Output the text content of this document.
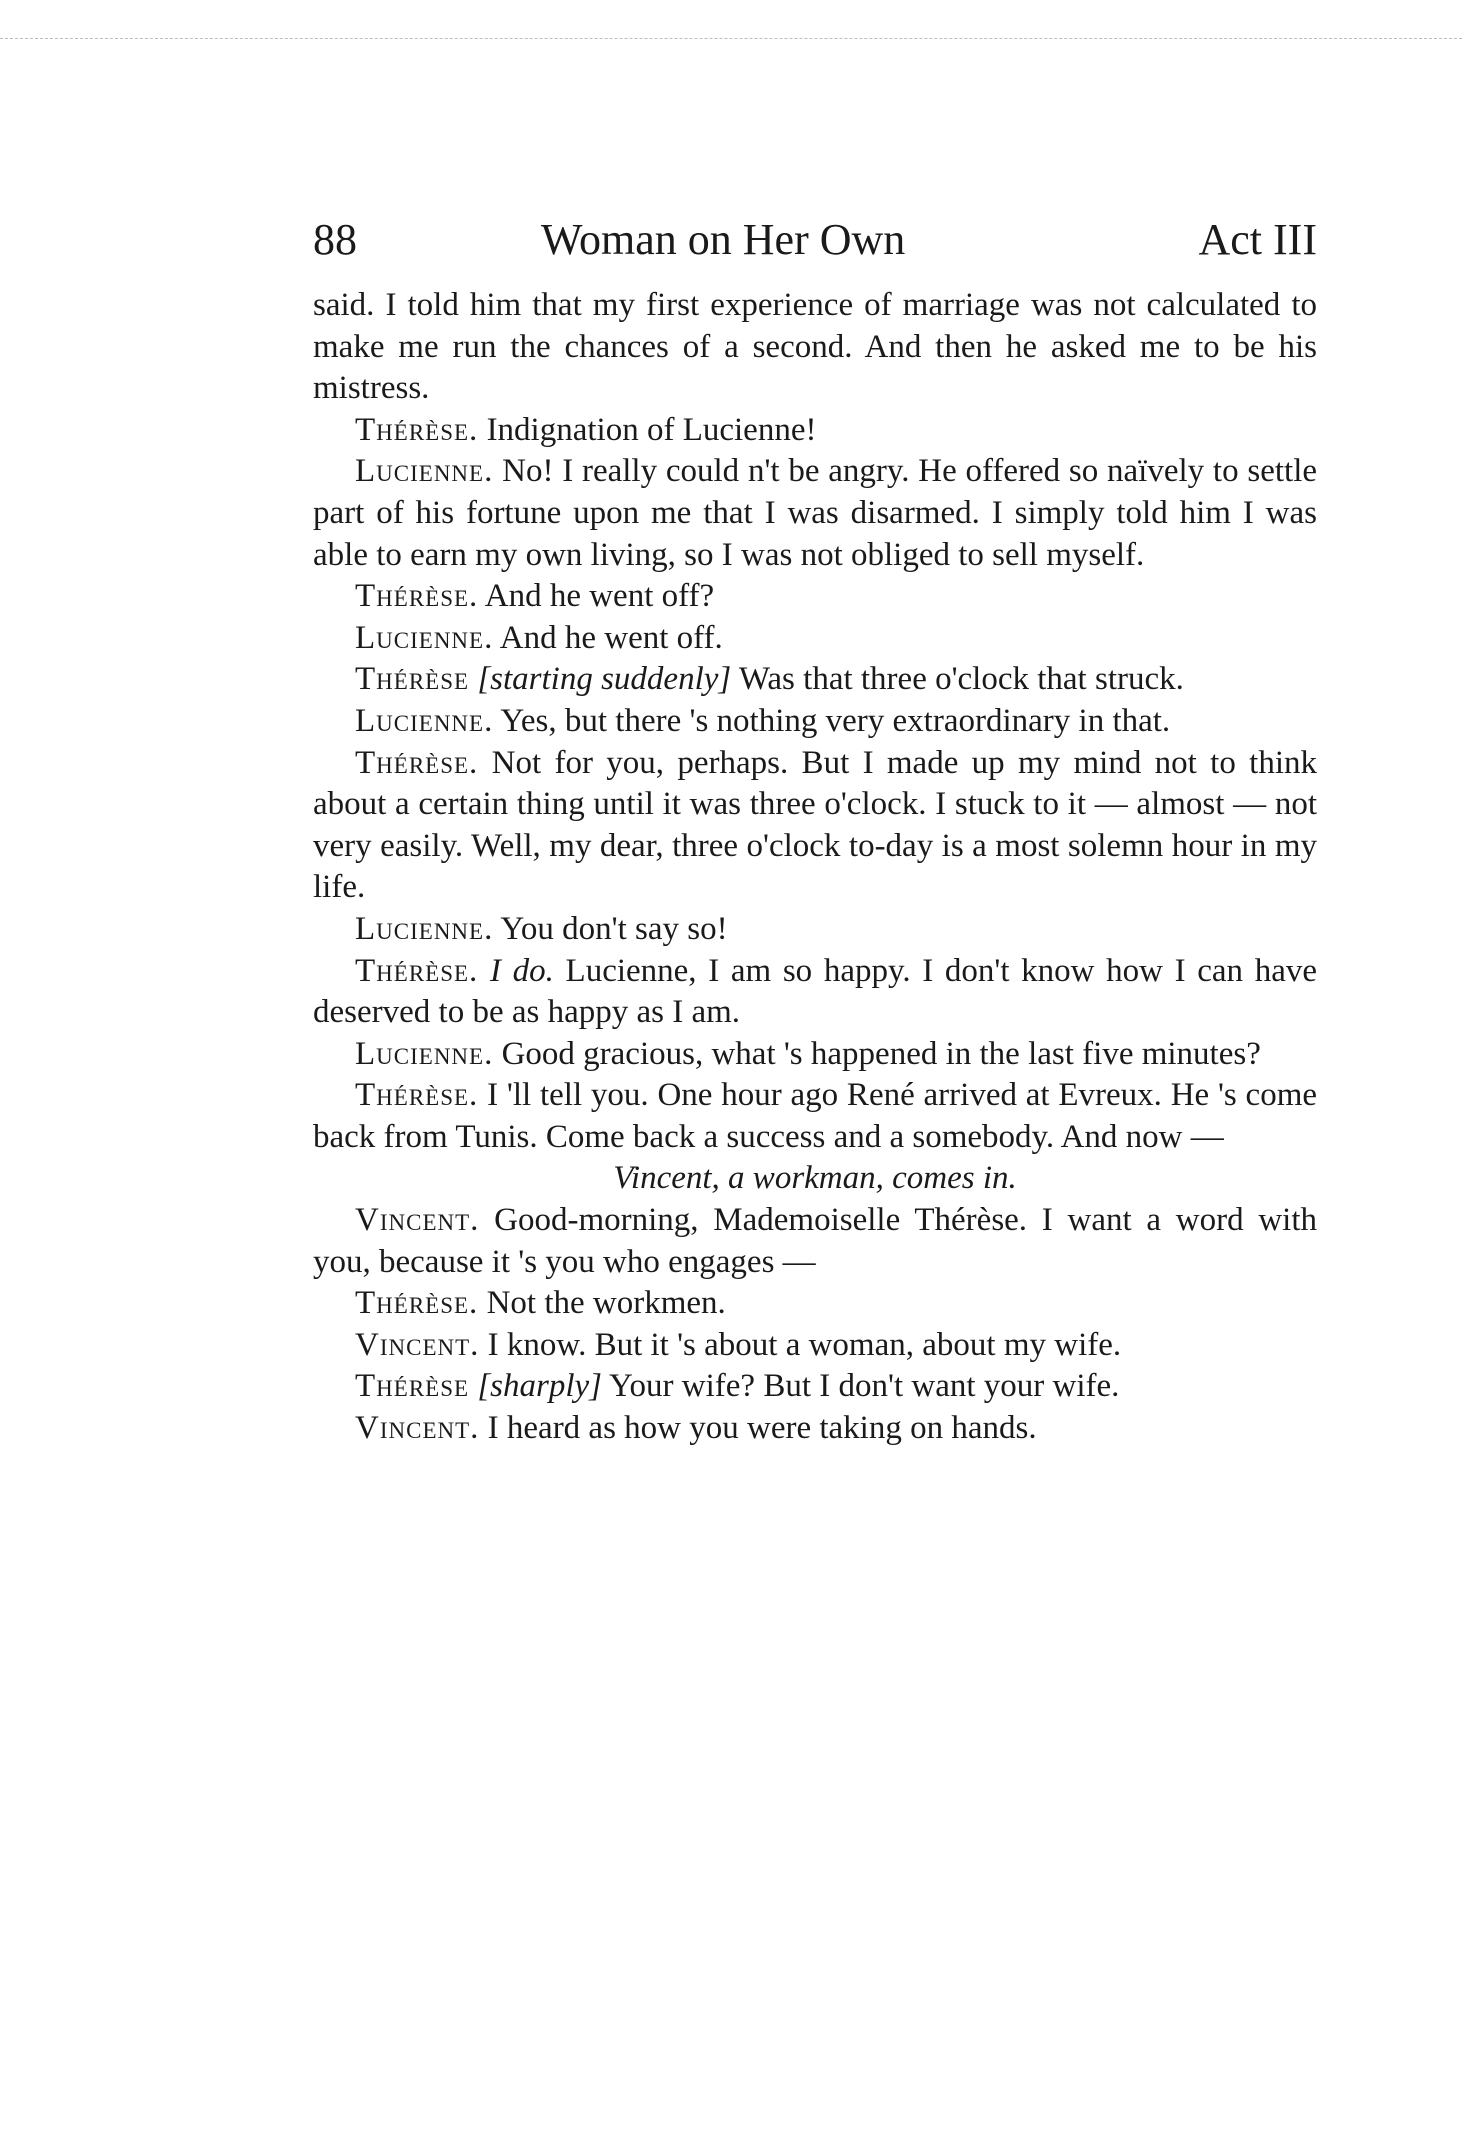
88	Woman on Her Own	Act III

said. I told him that my first experience of marriage was not calculated to make me run the chances of a second. And then he asked me to be his mistress.

Thérèse. Indignation of Lucienne!

Lucienne. No! I really could n't be angry. He offered so naïvely to settle part of his fortune upon me that I was disarmed. I simply told him I was able to earn my own living, so I was not obliged to sell myself.

Thérèse. And he went off?

Lucienne. And he went off.

Thérèse [starting suddenly] Was that three o'clock that struck.

Lucienne. Yes, but there 's nothing very extraordinary in that.

Thérèse. Not for you, perhaps. But I made up my mind not to think about a certain thing until it was three o'clock. I stuck to it — almost — not very easily. Well, my dear, three o'clock to-day is a most solemn hour in my life.

Lucienne. You don't say so!

Thérèse. I do. Lucienne, I am so happy. I don't know how I can have deserved to be as happy as I am.

Lucienne. Good gracious, what 's happened in the last five minutes?

Thérèse. I 'll tell you. One hour ago René arrived at Evreux. He 's come back from Tunis. Come back a success and a somebody. And now —

Vincent, a workman, comes in.

Vincent. Good-morning, Mademoiselle Thérèse. I want a word with you, because it 's you who engages —

Thérèse. Not the workmen.

Vincent. I know. But it 's about a woman, about my wife.

Thérèse [sharply] Your wife? But I don't want your wife.

Vincent. I heard as how you were taking on hands.
